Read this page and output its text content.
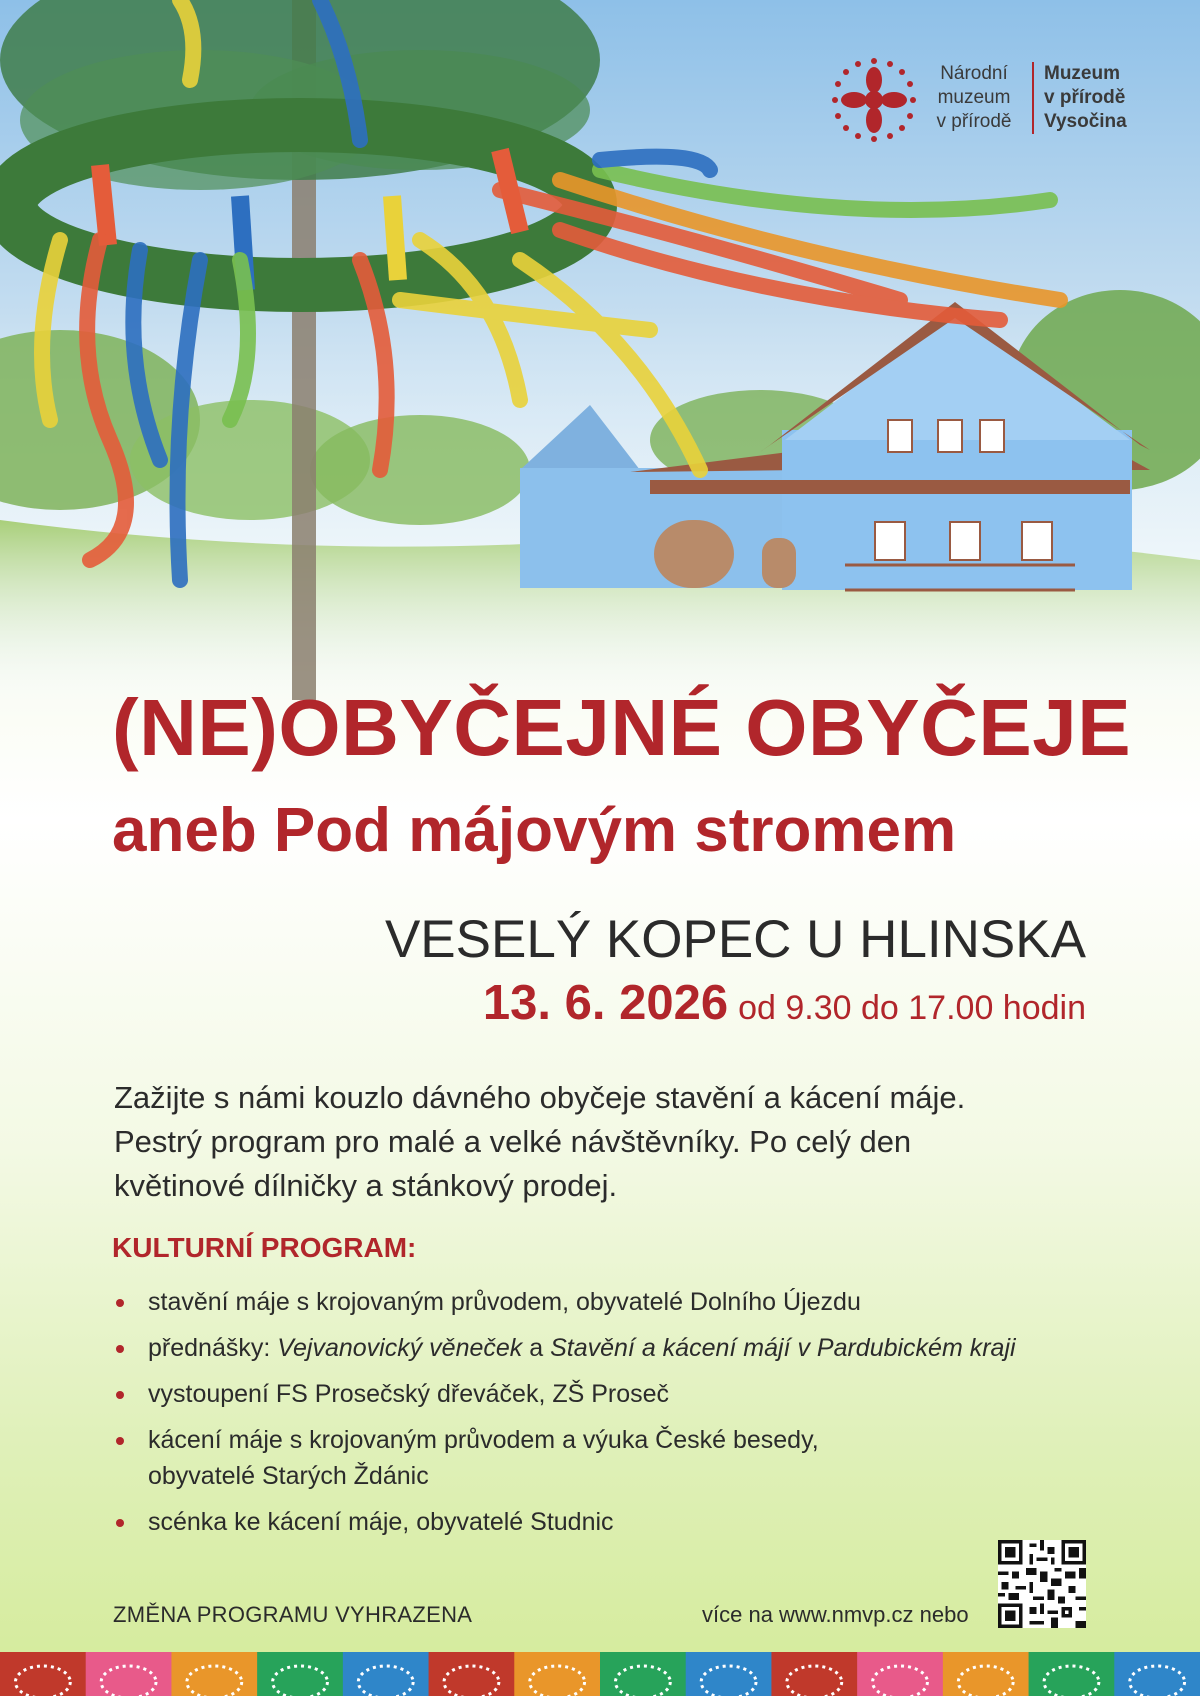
Národní
muzeum
v přírodě
Muzeum
v přírodě
Vysočina
(NE)OBYČEJNÉ OBYČEJE
aneb Pod májovým stromem
VESELÝ KOPEC U HLINSKA
13. 6. 2026 od 9.30 do 17.00 hodin
Zažijte s námi kouzlo dávného obyčeje stavění a kácení máje.
Pestrý program pro malé a velké návštěvníky. Po celý den
květinové dílničky a stánkový prodej.
KULTURNÍ PROGRAM:
stavění máje s krojovaným průvodem, obyvatelé Dolního Újezdu
přednášky: Vejvanovický věneček a Stavění a kácení májí v Pardubickém kraji
vystoupení FS Prosečský dřeváček, ZŠ Proseč
kácení máje s krojovaným průvodem a výuka České besedy,
obyvatelé Starých Ždánic
scénka ke kácení máje, obyvatelé Studnic
ZMĚNA PROGRAMU VYHRAZENA	více na www.nmvp.cz nebo
